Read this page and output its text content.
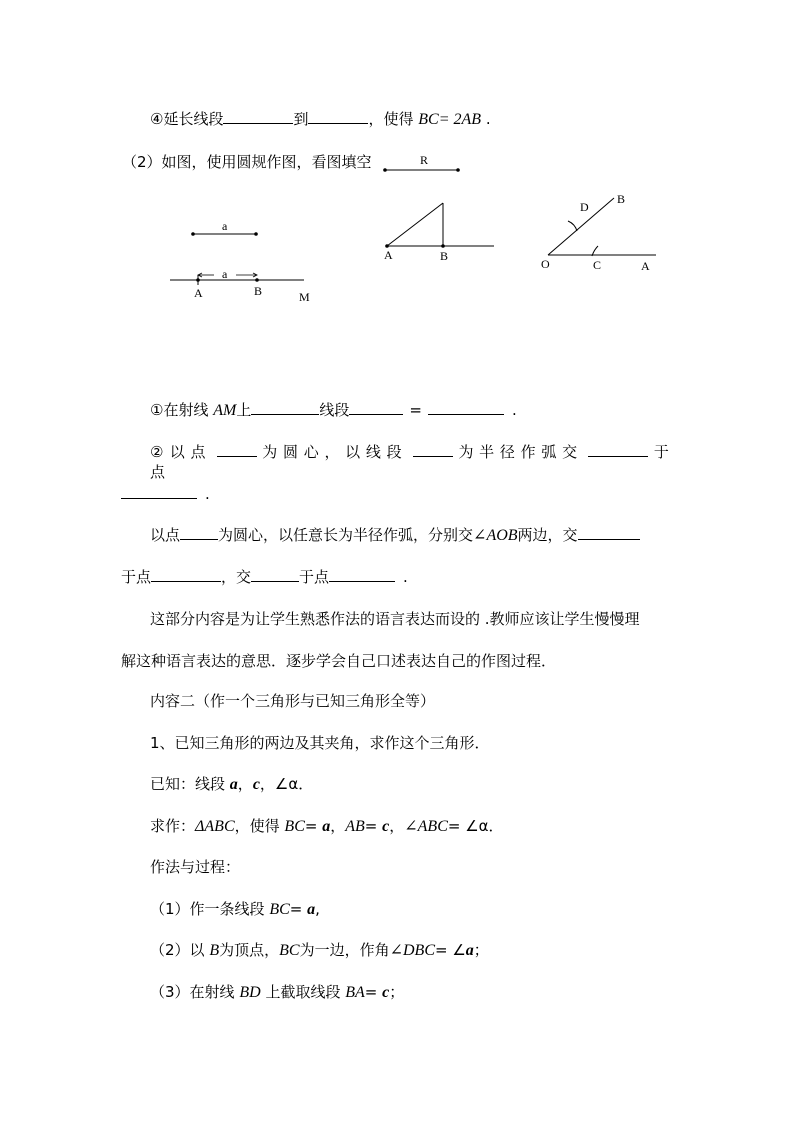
④延长线段	到	，使得 BC= 2AB .
（2）如图，使用圆规作图，看图填空
a
a
A	B	M
R
A	B
O	C	A
D
B
①在射线 AM上	线段	=	.
② 以点	为圆心，以线段	为半径作弧交	于点
.
以点	为圆心，以任意长为半径作弧，分别交∠AOB两边，交
于点	，交	于点	.
这部分内容是为让学生熟悉作法的语言表达而设的 .教师应该让学生慢慢理
解这种语言表达的意思．逐步学会自己口述表达自己的作图过程．
内容二（作一个三角形与已知三角形全等）
1、已知三角形的两边及其夹角，求作这个三角形．
已知：线段 a，c，∠α．
求作：ΔABC，使得 BC= a，AB= c，∠ABC= ∠α．
作法与过程：
（1）作一条线段 BC= a,
（2）以 B为顶点，BC为一边，作角∠DBC= ∠a；
（3）在射线 BD 上截取线段 BA= c；
